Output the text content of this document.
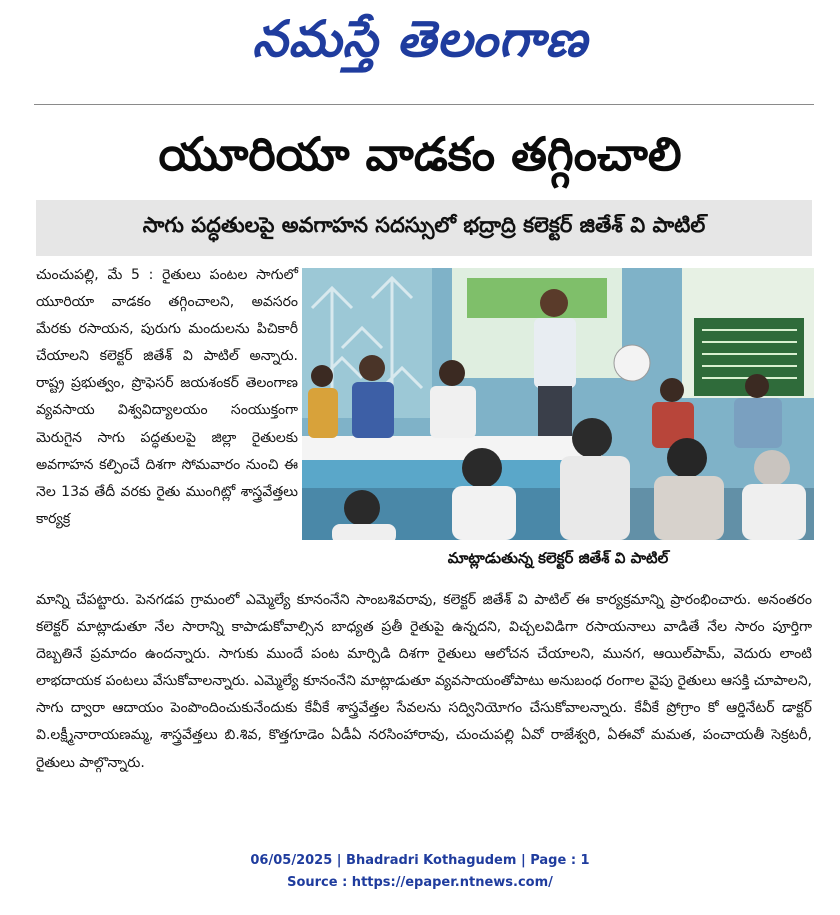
నమస్తే తెలంగాణ
యూరియా వాడకం తగ్గించాలి
సాగు పద్ధతులపై అవగాహన సదస్సులో భద్రాద్రి కలెక్టర్ జితేశ్ వి పాటిల్

చుంచుపల్లి, మే 5 : రైతులు పంటల సాగులో యూరియా వాడకం తగ్గించాలని, అవసరం మేరకు రసాయన, పురుగు మందులను పిచికారీ చేయాలని కలెక్టర్ జితేశ్ వి పాటిల్ అన్నారు. రాష్ట్ర ప్రభుత్వం, ప్రొఫెసర్ జయశంకర్ తెలంగాణ వ్యవసాయ విశ్వవిద్యాలయం సంయుక్తంగా మెరుగైన సాగు పద్ధతులపై జిల్లా రైతులకు అవగాహన కల్పించే దిశగా సోమవారం నుంచి ఈ నెల 13వ తేదీ వరకు రైతు ముంగిట్లో శాస్త్రవేత్తలు కార్యక్ర

మాట్లాడుతున్న కలెక్టర్ జితేశ్ వి పాటిల్

మాన్ని చేపట్టారు. పెనగడప గ్రామంలో ఎమ్మెల్యే కూనంనేని సాంబశివరావు, కలెక్టర్ జితేశ్ వి పాటిల్ ఈ కార్యక్రమాన్ని ప్రారంభించారు. అనంతరం కలెక్టర్ మాట్లాడుతూ నేల సారాన్ని కాపాడుకోవాల్సిన బాధ్యత ప్రతీ రైతుపై ఉన్నదని, విచ్చలవిడిగా రసాయనాలు వాడితే నేల సారం పూర్తిగా దెబ్బతినే ప్రమాదం ఉందన్నారు. సాగుకు ముందే పంట మార్పిడి దిశగా రైతులు ఆలోచన చేయాలని, మునగ, ఆయిల్‌పామ్, వెదురు లాంటి లాభదాయక పంటలు వేసుకోవాలన్నారు. ఎమ్మెల్యే కూనంనేని మాట్లాడుతూ వ్యవసాయంతోపాటు అనుబంధ రంగాల వైపు రైతులు ఆసక్తి చూపాలని, సాగు ద్వారా ఆదాయం పెంపొందించుకునేందుకు కేవీకే శాస్త్రవేత్తల సేవలను సద్వినియోగం చేసుకోవాలన్నారు. కేవీకే ప్రోగ్రాం కో ఆర్డినేటర్ డాక్టర్ వి.లక్ష్మీనారాయణమ్మ, శాస్త్రవేత్తలు బి.శివ, కొత్తగూడెం ఏడీఏ నరసింహారావు, చుంచుపల్లి ఏవో రాజేశ్వరి, ఏఈవో మమత, పంచాయతీ సెక్రటరీ, రైతులు పాల్గొన్నారు.

06/05/2025 | Bhadradri Kothagudem | Page : 1
Source : https://epaper.ntnews.com/
